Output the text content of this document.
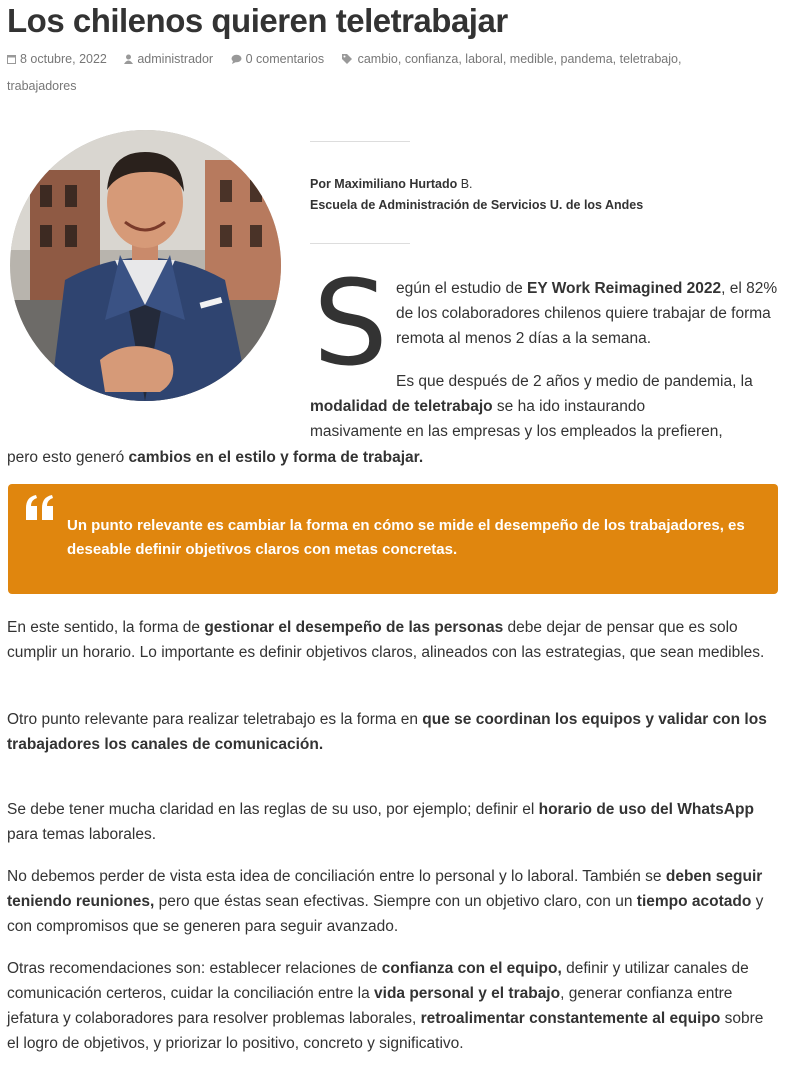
Los chilenos quieren teletrabajar
8 octubre, 2022 administrador	0 comentarios	cambio, confianza, laboral, medible, pandema, teletrabajo,
trabajadores
Por Maximiliano Hurtado B.
Escuela de Administración de Servicios U. de los Andes
S egún el estudio de EY Work Reimagined 2022, el 82% de los colaboradores chilenos quiere trabajar de forma remota al menos 2 días a la semana.
Es que después de 2 años y medio de pandemia, la
modalidad de teletrabajo se ha ido instaurando
masivamente en las empresas y los empleados la prefieren,
pero esto generó cambios en el estilo y forma de trabajar.
Un punto relevante es cambiar la forma en cómo se mide el desempeño de los trabajadores, es deseable definir objetivos claros con metas concretas.

En este sentido, la forma de gestionar el desempeño de las personas debe dejar de pensar que es solo cumplir un horario. Lo importante es definir objetivos claros, alineados con las estrategias, que sean medibles.

Otro punto relevante para realizar teletrabajo es la forma en que se coordinan los equipos y validar con los trabajadores los canales de comunicación.

Se debe tener mucha claridad en las reglas de su uso, por ejemplo; definir el horario de uso del WhatsApp para temas laborales.

No debemos perder de vista esta idea de conciliación entre lo personal y lo laboral. También se deben seguir teniendo reuniones, pero que éstas sean efectivas. Siempre con un objetivo claro, con un tiempo acotado y con compromisos que se generen para seguir avanzado.

Otras recomendaciones son: establecer relaciones de confianza con el equipo, definir y utilizar canales de comunicación certeros, cuidar la conciliación entre la vida personal y el trabajo, generar confianza entre jefatura y colaboradores para resolver problemas laborales, retroalimentar constantemente al equipo sobre el logro de objetivos, y priorizar lo positivo, concreto y significativo.
